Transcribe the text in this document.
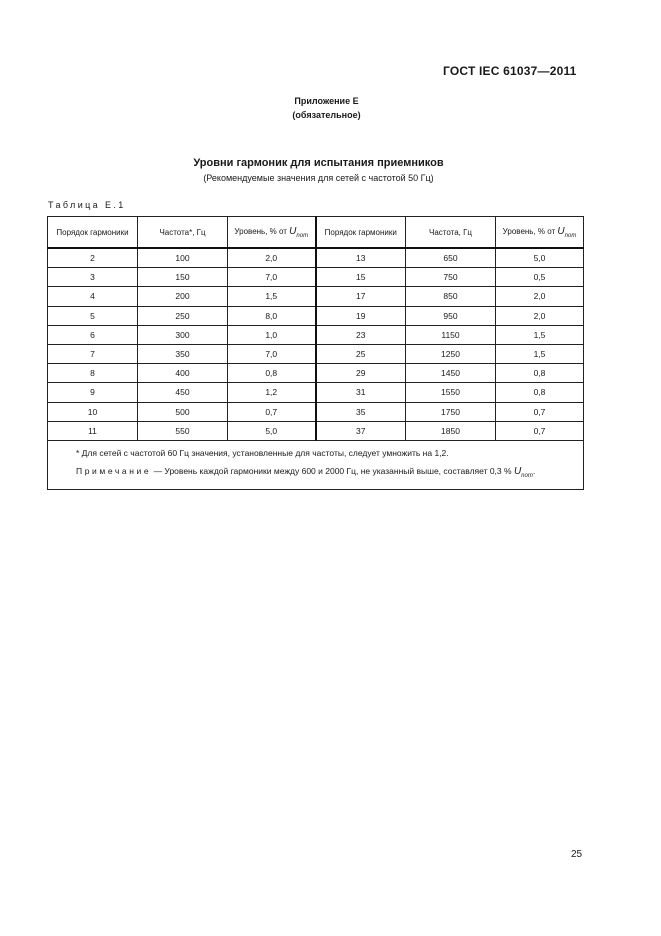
ГОСТ IEC 61037—2011
Приложение Е
(обязательное)
Уровни гармоник для испытания приемников
(Рекомендуемые значения для сетей с частотой 50 Гц)
Таблица Е.1
Порядок гармоники	Частота*, Гц	Уровень, % от $U_{nom}$	Порядок гармоники	Частота, Гц	Уровень, % от $U_{nom}$
2	100	2,0	13	650	5,0
3	150	7,0	15	750	0,5
4	200	1,5	17	850	2,0
5	250	8,0	19	950	2,0
6	300	1,0	23	1150	1,5
7	350	7,0	25	1250	1,5
8	400	0,8	29	1450	0,8
9	450	1,2	31	1550	0,8
10	500	0,7	35	1750	0,7
11	550	5,0	37	1850	0,7

* Для сетей с частотой 60 Гц значения, установленные для частоты, следует умножить на 1,2.
Примечание — Уровень каждой гармоники между 600 и 2000 Гц, не указанный выше, составляет 0,3 % $U_{nom}$.					
25
